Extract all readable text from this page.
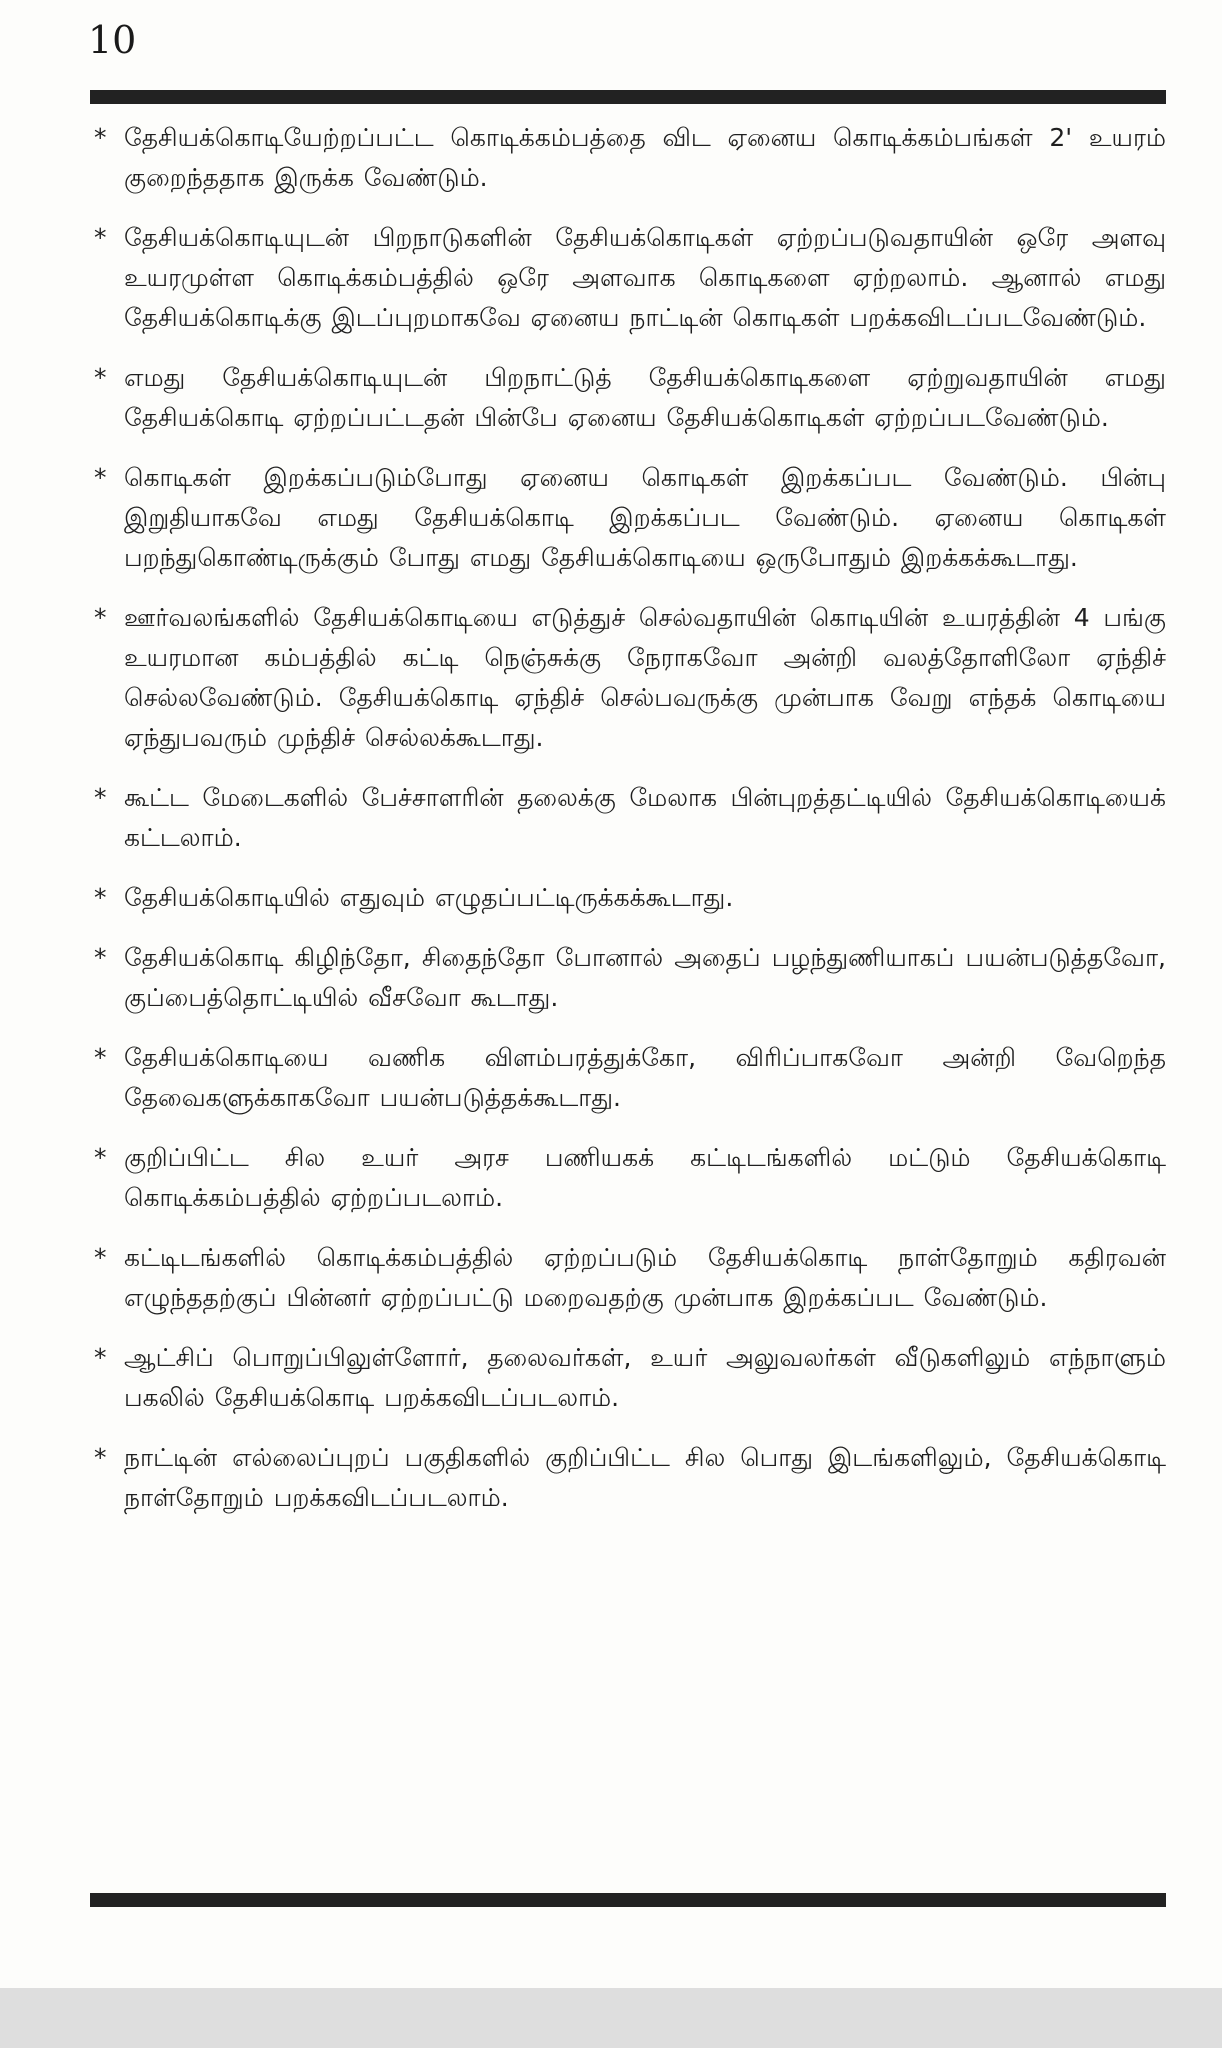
10
* தேசியக்கொடியேற்றப்பட்ட கொடிக்கம்பத்தை விட ஏனைய கொடிக்கம்பங்கள் 2' உயரம் குறைந்ததாக இருக்க வேண்டும்.
* தேசியக்கொடியுடன் பிறநாடுகளின் தேசியக்கொடிகள் ஏற்றப்படுவதாயின் ஒரே அளவு உயரமுள்ள கொடிக்கம்பத்தில் ஒரே அளவாக கொடிகளை ஏற்றலாம். ஆனால் எமது தேசியக்கொடிக்கு இடப்புறமாகவே ஏனைய நாட்டின் கொடிகள் பறக்கவிடப்படவேண்டும்.
* எமது தேசியக்கொடியுடன் பிறநாட்டுத் தேசியக்கொடிகளை ஏற்றுவதாயின் எமது தேசியக்கொடி ஏற்றப்பட்டதன் பின்பே ஏனைய தேசியக்கொடிகள் ஏற்றப்படவேண்டும்.
* கொடிகள் இறக்கப்படும்போது ஏனைய கொடிகள் இறக்கப்பட வேண்டும். பின்பு இறுதியாகவே எமது தேசியக்கொடி இறக்கப்பட வேண்டும். ஏனைய கொடிகள் பறந்துகொண்டிருக்கும் போது எமது தேசியக்கொடியை ஒருபோதும் இறக்கக்கூடாது.
* ஊர்வலங்களில் தேசியக்கொடியை எடுத்துச் செல்வதாயின் கொடியின் உயரத்தின் 4 பங்கு உயரமான கம்பத்தில் கட்டி நெஞ்சுக்கு நேராகவோ அன்றி வலத்தோளிலோ ஏந்திச் செல்லவேண்டும். தேசியக்கொடி ஏந்திச் செல்பவருக்கு முன்பாக வேறு எந்தக் கொடியை ஏந்துபவரும் முந்திச் செல்லக்கூடாது.
* கூட்ட மேடைகளில் பேச்சாளரின் தலைக்கு மேலாக பின்புறத்தட்டியில் தேசியக்கொடியைக் கட்டலாம்.
* தேசியக்கொடியில் எதுவும் எழுதப்பட்டிருக்கக்கூடாது.
* தேசியக்கொடி கிழிந்தோ, சிதைந்தோ போனால் அதைப் பழந்துணியாகப் பயன்படுத்தவோ, குப்பைத்தொட்டியில் வீசவோ கூடாது.
* தேசியக்கொடியை வணிக விளம்பரத்துக்கோ, விரிப்பாகவோ அன்றி வேறெந்த தேவைகளுக்காகவோ பயன்படுத்தக்கூடாது.
* குறிப்பிட்ட சில உயர் அரச பணியகக் கட்டிடங்களில் மட்டும் தேசியக்கொடி கொடிக்கம்பத்தில் ஏற்றப்படலாம்.
* கட்டிடங்களில் கொடிக்கம்பத்தில் ஏற்றப்படும் தேசியக்கொடி நாள்தோறும் கதிரவன் எழுந்ததற்குப் பின்னர் ஏற்றப்பட்டு மறைவதற்கு முன்பாக இறக்கப்பட வேண்டும்.
* ஆட்சிப் பொறுப்பிலுள்ளோர், தலைவர்கள், உயர் அலுவலர்கள் வீடுகளிலும் எந்நாளும் பகலில் தேசியக்கொடி பறக்கவிடப்படலாம்.
* நாட்டின் எல்லைப்புறப் பகுதிகளில் குறிப்பிட்ட சில பொது இடங்களிலும், தேசியக்கொடி நாள்தோறும் பறக்கவிடப்படலாம்.
